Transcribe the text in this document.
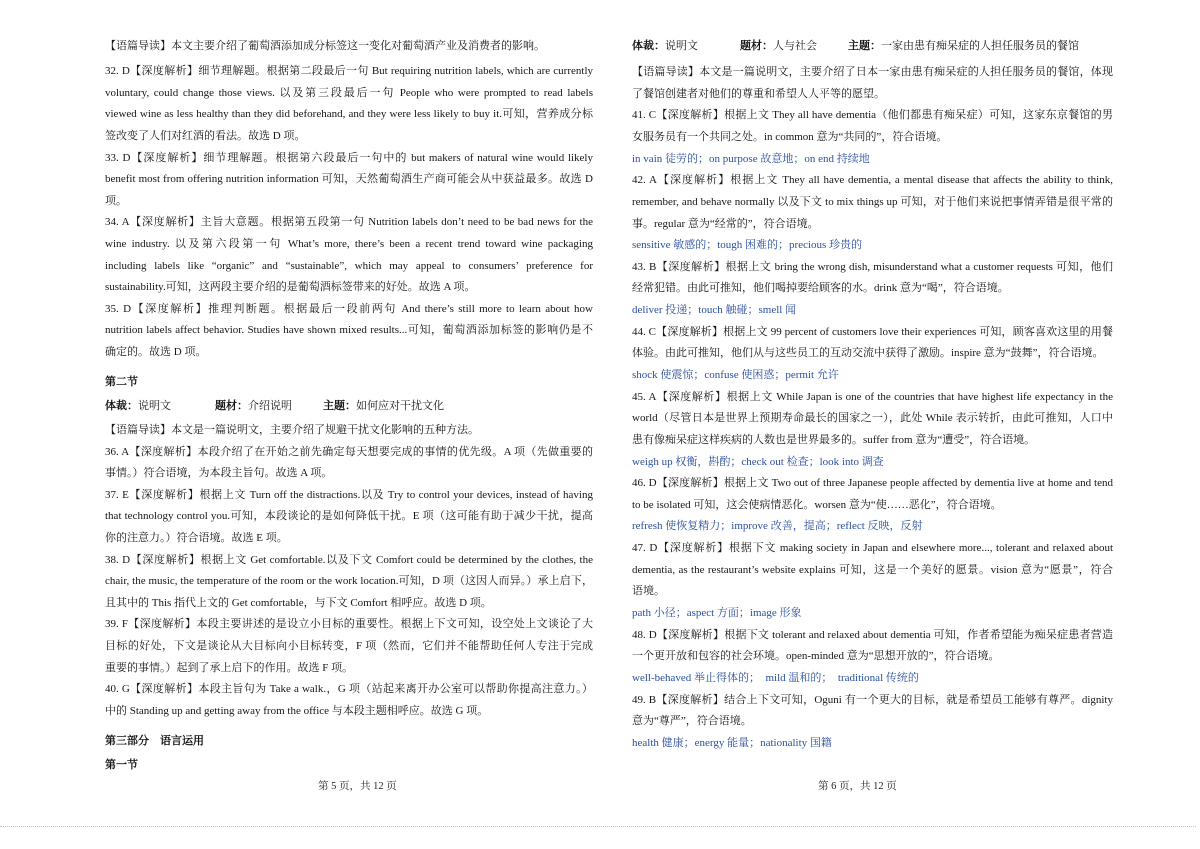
【语篇导读】本文主要介绍了葡萄酒添加成分标签这一变化对葡萄酒产业及消费者的影响。
32. D【深度解析】细节理解题。根据第二段最后一句 But requiring nutrition labels, which are currently
voluntary, could change those views. 以及第三段最后一句 People who were prompted to read labels
viewed wine as less healthy than they did beforehand, and they were less likely to buy it.可知，营养成分标
签改变了人们对红酒的看法。故选 D 项。
33. D【深度解析】细节理解题。根据第六段最后一句中的 but makers of natural wine would likely
benefit most from offering nutrition information 可知，天然葡萄酒生产商可能会从中获益最多。故选 D
项。
34. A【深度解析】主旨大意题。根据第五段第一句 Nutrition labels don’t need to be bad news for the
wine industry. 以及第六段第一句 What’s more, there’s been a recent trend toward wine packaging
including labels like “organic” and “sustainable”, which may appeal to consumers’ preference for
sustainability.可知，这两段主要介绍的是葡萄酒标签带来的好处。故选 A 项。
35. D【深度解析】推理判断题。根据最后一段前两句 And there’s still more to learn about how
nutrition labels affect behavior. Studies have shown mixed results...可知，葡萄酒添加标签的影响仍是不
确定的。故选 D 项。
第二节
体裁：说明文	题材：介绍说明	主题：如何应对干扰文化
【语篇导读】本文是一篇说明文，主要介绍了规避干扰文化影响的五种方法。
36. A【深度解析】本段介绍了在开始之前先确定每天想要完成的事情的优先级。A 项（先做重要的
事情。）符合语境，为本段主旨句。故选 A 项。
37. E【深度解析】根据上文 Turn off the distractions.以及 Try to control your devices, instead of having
that technology control you.可知，本段谈论的是如何降低干扰。E 项（这可能有助于减少干扰，提高
你的注意力。）符合语境。故选 E 项。
38. D【深度解析】根据上文 Get comfortable.以及下文 Comfort could be determined by the clothes, the
chair, the music, the temperature of the room or the work location.可知，D 项（这因人而异。）承上启下，
且其中的 This 指代上文的 Get comfortable，与下文 Comfort 相呼应。故选 D 项。
39. F【深度解析】本段主要讲述的是设立小目标的重要性。根据上下文可知，设空处上文谈论了大
目标的好处，下文是谈论从大目标向小目标转变，F 项（然而，它们并不能帮助任何人专注于完成
重要的事情。）起到了承上启下的作用。故选 F 项。
40. G【深度解析】本段主旨句为 Take a walk.，G 项（站起来离开办公室可以帮助你提高注意力。）
中的 Standing up and getting away from the office 与本段主题相呼应。故选 G 项。
第三部分　语言运用
第一节
体裁：说明文	题材：人与社会	主题：一家由患有痴呆症的人担任服务员的餐馆
【语篇导读】本文是一篇说明文，主要介绍了日本一家由患有痴呆症的人担任服务员的餐馆，体现
了餐馆创建者对他们的尊重和希望人人平等的愿望。
41. C【深度解析】根据上文 They all have dementia（他们都患有痴呆症）可知，这家东京餐馆的男
女服务员有一个共同之处。in common 意为“共同的”，符合语境。
in vain 徒劳的；on purpose 故意地；on end 持续地
42. A【深度解析】根据上文 They all have dementia, a mental disease that affects the ability to think,
remember, and behave normally 以及下文 to mix things up 可知，对于他们来说把事情弄错是很平常的
事。regular 意为“经常的”，符合语境。
sensitive 敏感的；tough 困难的；precious 珍贵的
43. B【深度解析】根据上文 bring the wrong dish, misunderstand what a customer requests 可知，他们
经常犯错。由此可推知，他们喝掉要给顾客的水。drink 意为“喝”，符合语境。
deliver 投递；touch 触碰；smell 闻
44. C【深度解析】根据上文 99 percent of customers love their experiences 可知，顾客喜欢这里的用餐
体验。由此可推知，他们从与这些员工的互动交流中获得了激励。inspire 意为“鼓舞”，符合语境。
shock 使震惊；confuse 使困惑；permit 允许
45. A【深度解析】根据上文 While Japan is one of the countries that have highest life expectancy in the
world（尽管日本是世界上预期寿命最长的国家之一），此处 While 表示转折，由此可推知，人口中
患有像痴呆症这样疾病的人数也是世界最多的。suffer from 意为“遭受”，符合语境。
weigh up 权衡，斟酌；check out 检查；look into 调查
46. D【深度解析】根据上文 Two out of three Japanese people affected by dementia live at home and tend
to be isolated 可知，这会使病情恶化。worsen 意为“使……恶化”，符合语境。
refresh 使恢复精力；improve 改善，提高；reflect 反映，反射
47. D【深度解析】根据下文 making society in Japan and elsewhere more..., tolerant and relaxed about
dementia, as the restaurant’s website explains 可知，这是一个美好的愿景。vision 意为“愿景”，符合
语境。
path 小径；aspect 方面；image 形象
48. D【深度解析】根据下文 tolerant and relaxed about dementia 可知，作者希望能为痴呆症患者营造
一个更开放和包容的社会环境。open-minded 意为“思想开放的”，符合语境。
well-behaved 举止得体的；  mild 温和的；  traditional 传统的
49. B【深度解析】结合上下文可知，Oguni 有一个更大的目标，就是希望员工能够有尊严。dignity
意为“尊严”，符合语境。
health 健康；energy 能量；nationality 国籍
第 5 页，共 12 页	第 6 页，共 12 页
